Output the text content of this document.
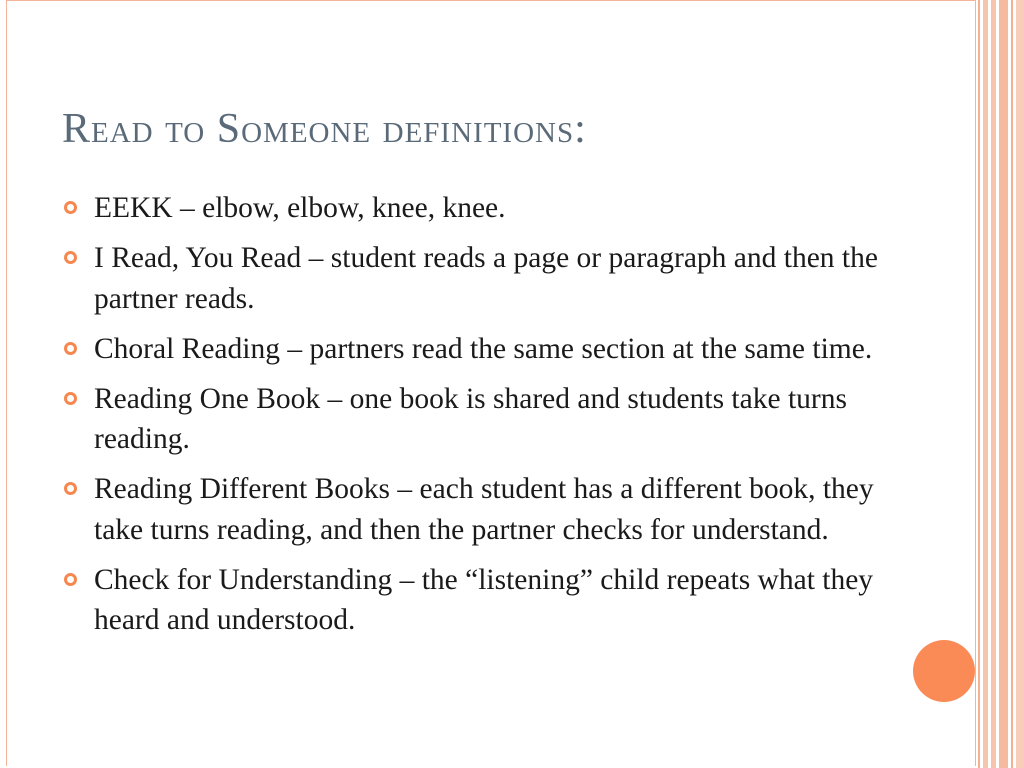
Read to Someone definitions:
EEKK – elbow, elbow, knee, knee.
I Read, You Read – student reads a page or paragraph and then the partner reads.
Choral Reading – partners read the same section at the same time.
Reading One Book – one book is shared and students take turns reading.
Reading Different Books – each student has a different book, they take turns reading, and then the partner checks for understand.
Check for Understanding – the “listening” child repeats what they heard and understood.
